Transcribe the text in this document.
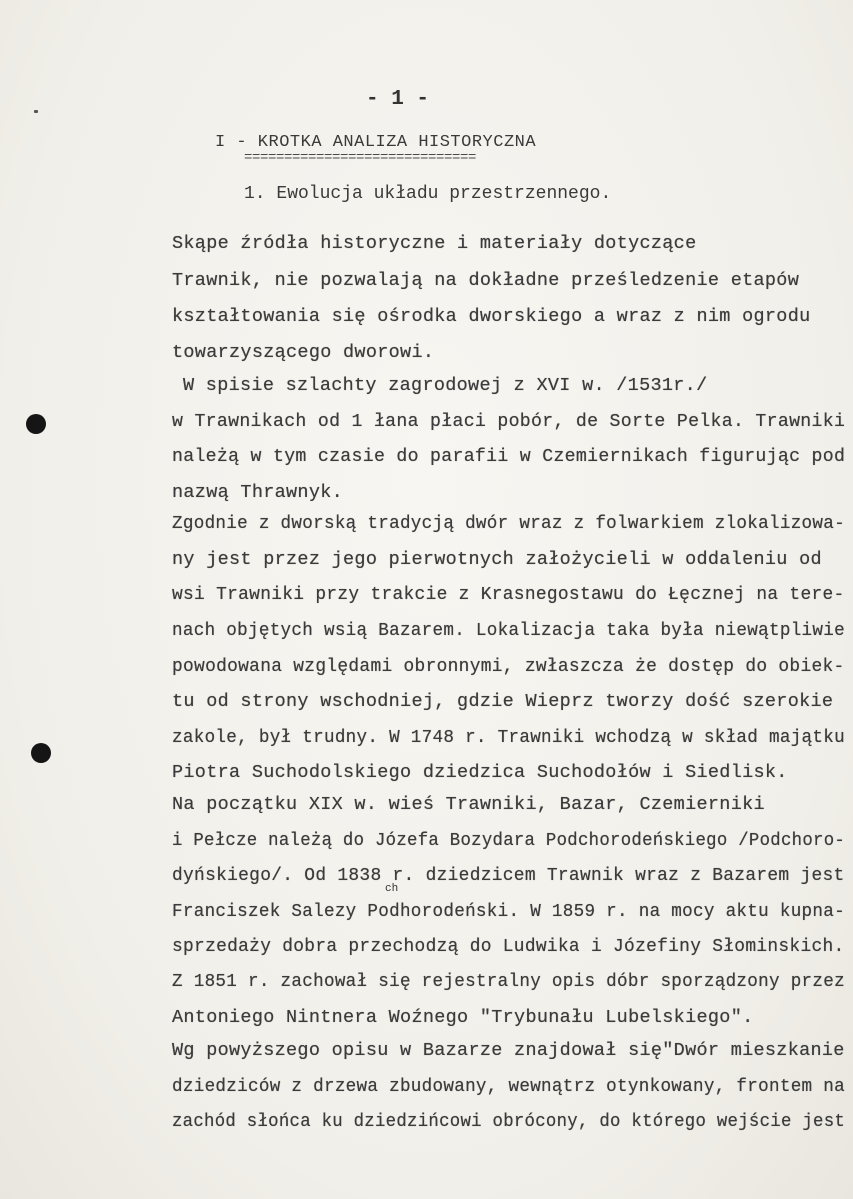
- 1 -
I - KROTKA ANALIZA HISTORYCZNA
=============================
1. Ewolucja układu przestrzennego.
ch
Skąpe źródła historyczne i materiały dotyczące
Trawnik, nie pozwalają na dokładne prześledzenie etapów
kształtowania się ośrodka dworskiego a wraz z nim ogrodu
towarzyszącego dworowi.
W spisie szlachty zagrodowej z XVI w. /1531r./
w Trawnikach od 1 łana płaci pobór, de Sorte Pelka. Trawniki
należą w tym czasie do parafii w Czemiernikach figurując pod
nazwą Thrawnyk.
Zgodnie z dworską tradycją dwór wraz z folwarkiem zlokalizowa-
ny jest przez jego pierwotnych założycieli w oddaleniu od
wsi Trawniki przy trakcie z Krasnegostawu do Łęcznej na tere-
nach objętych wsią Bazarem. Lokalizacja taka była niewątpliwie
powodowana względami obronnymi, zwłaszcza że dostęp do obiek-
tu od strony wschodniej, gdzie Wieprz tworzy dość szerokie
zakole, był trudny. W 1748 r. Trawniki wchodzą w skład majątku
Piotra Suchodolskiego dziedzica Suchodołów i Siedlisk.
Na początku XIX w. wieś Trawniki, Bazar, Czemierniki
i Pełcze należą do Józefa Bozydara Podchorodeńskiego /Podchoro-
dyńskiego/. Od 1838 r. dziedzicem Trawnik wraz z Bazarem jest
Franciszek Salezy Podhorodeński. W 1859 r. na mocy aktu kupna-
sprzedaży dobra przechodzą do Ludwika i Józefiny Słominskich.
Z 1851 r. zachował się rejestralny opis dóbr sporządzony przez
Antoniego Nintnera Woźnego "Trybunału Lubelskiego".
Wg powyższego opisu w Bazarze znajdował się"Dwór mieszkanie
dziedziców z drzewa zbudowany, wewnątrz otynkowany, frontem na
zachód słońca ku dziedzińcowi obrócony, do którego wejście jest
